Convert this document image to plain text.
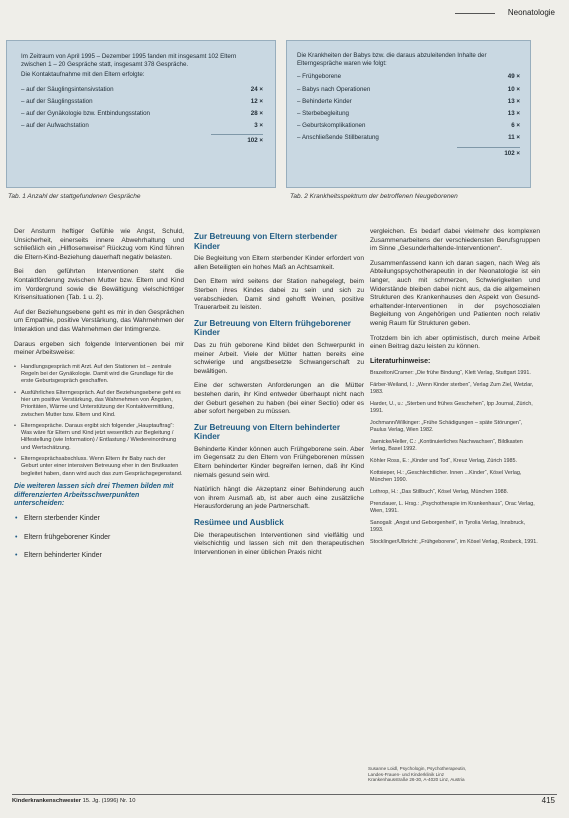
Neonatologie
Im Zeitraum von April 1995 – Dezember 1995 fanden mit insgesamt 102 Eltern zwischen 1 – 20 Gespräche statt, insgesamt 378 Gespräche.
Die Kontaktaufnahme mit den Eltern erfolgte:
– auf der Säuglingsintensivstation	24 ×
– auf der Säuglingsstation	12 ×
– auf der Gynäkologie bzw. Entbindungsstation	28 ×
– auf der Aufwachstation	3 ×
102 ×
Die Krankheiten der Babys bzw. die daraus abzuleitenden Inhalte der Elterngespräche waren wie folgt:
– Frühgeborene	49 ×
– Babys nach Operationen	10 ×
– Behinderte Kinder	13 ×
– Sterbebegleitung	13 ×
– Geburtskomplikationen	6 ×
– Anschließende Stillberatung	11 ×
102 ×
Tab. 1 Anzahl der stattgefundenen Gespräche	Tab. 2 Krankheitsspektrum der betroffenen Neugeborenen

Der Ansturm heftiger Gefühle wie Angst, Schuld, Unsicherheit, einerseits innere Abwehrhaltung und schließlich ein „Hilflosenweise“ Rückzug vom Kind führen die Eltern-Kind-Beziehung dauerhaft negativ belasten.

Bei den geführten Interventionen steht die Kontaktförderung zwischen Mutter bzw. Eltern und Kind im Vordergrund sowie die Bewältigung vielschichtiger Krisensituationen (Tab. 1 u. 2).

Auf der Beziehungsebene geht es mir in den Gesprächen um Empathie, positive Verstärkung, das Wahrnehmen der Interaktion und das Wahrnehmen der Intimgrenze.

Daraus ergeben sich folgende Interventionen bei mir meiner Arbeitsweise:

• Handlungsgespräch mit Arzt. Auf den Stationen ist – zentrale Regeln bei der Gynäkologie. Damit wird die Grundlage für die erste Geburtsgespräch geschaffen.
• Ausführliches Elterngespräch. Auf der Beziehungsebene geht es hier um positive Verstärkung, das Wahrnehmen von Ängsten, Prioritäten, Wärme und Unterstützung der Kontaktvermittlung, zwischen Mutter bzw. Eltern und Kind.
• Elterngespräche. Daraus ergibt sich folgender „Hauptauftrag“: Was wäre für Eltern und Kind jetzt wesentlich zur Begleitung / Hilfestellung (wie Information) / Entlastung / Wiedereinordnung und Wertschätzung.
• Elterngesprächsabschluss. Wenn Eltern ihr Baby nach der Geburt unter einer intensiven Betreuung eher in den Brutkasten begleitet haben, dann wird auch das zum Gesprächsgegenstand.
Die weiteren lassen sich drei Themen bilden mit differenzierten Arbeitsschwerpunkten unterscheiden:
• Eltern sterbender Kinder
• Eltern frühgeborener Kinder
• Eltern behinderter Kinder
Zur Betreuung von Eltern sterbender Kinder

Die Begleitung von Eltern sterbender Kinder erfordert von allen Beteiligten ein hohes Maß an Achtsamkeit.

Den Eltern wird seitens der Station nahegelegt, beim Sterben ihres Kindes dabei zu sein und sich zu verabschieden. Damit sind gehofft Weinen, positive Trauerarbeit zu leisten.

Zur Betreuung von Eltern frühgeborener Kinder

Das zu früh geborene Kind bildet den Schwerpunkt in meiner Arbeit. Viele der Mütter hatten bereits eine schwierige und angstbesetzte Schwangerschaft zu bewältigen.

Eine der schwersten Anforderungen an die Mütter bestehen darin, ihr Kind entweder überhaupt nicht nach der Geburt gesehen zu haben (bei einer Sectio) oder es aber sofort hergeben zu müssen.

Zur Betreuung von Eltern behinderter Kinder

Behinderte Kinder können auch Frühgeborene sein. Aber im Gegensatz zu den Eltern von Frühgeborenen müssen Eltern behinderter Kinder begreifen lernen, daß ihr Kind niemals gesund sein wird.

Natürlich hängt die Akzeptanz einer Behinderung auch von ihrem Ausmaß ab, ist aber auch eine zusätzliche Herausforderung an jede Partnerschaft.

Resümee und Ausblick

Die therapeutischen Interventionen sind vielfältig und vielschichtig und lassen sich mit den therapeutischen Interventionen in einer üblichen Praxis nicht

vergleichen. Es bedarf dabei vielmehr des komplexen Zusammenarbeitens der verschiedensten Berufsgruppen im Sinne „Gesunderhaltende-Interventionen“.

Zusammenfassend kann ich daran sagen, nach Weg als Abteilungspsychotherapeutin in der Neonatologie ist ein langer, auch mit schmerzen, Schwierigkeiten und Widerstände bleiben dabei nicht aus, da die allgemeinen Strukturen des Krankenhauses den Aspekt von Gesund-erhaltender-Interventionen in der psychosozialen Begleitung von Angehörigen und Patienten noch relativ wenig Raum für Strukturen geben.

Trotzdem bin ich aber optimistisch, durch meine Arbeit einen Beitrag dazu leisten zu können.

Literaturhinweise:
Brazelton/Cramer: „Die frühe Bindung“, Klett Verlag, Stuttgart 1991.
Färber-Weiland, I.: „Wenn Kinder sterben“, Verlag Zum Ziel, Wetzlar, 1983.
Harder, U., u.: „Sterben und frühes Geschehen“, Ipp Journal, Zürich, 1991.
Jochmann/Wilkinger: „Frühe Schädigungen – späte Störungen“, Paulus Verlag, Wien 1982.
Jaenicke/Heller, C.: „Kontinuierliches Nachwachsen“, Bildkasten Verlag, Basel 1992.
Köhler Ross, E.: „Kinder und Tod“, Kreuz Verlag, Zürich 1985.
Kottsieper, H.: „Geschlechtlicher. Innen ...Kinder“, Kösel Verlag, München 1990.
Lothrop, H.: „Das Stillbuch“, Kösel Verlag, München 1988.
Prenzlauer, L. Hrsg.: „Psychotherapie im Krankenhaus“, Orac Verlag, Wien, 1991.
Sanogali: „Angst und Geborgenheit“, in Tyrolia Verlag, Innsbruck, 1993.
Stocklinger/Ulbricht: „Frühgeborene“, im Kösel Verlag, Rosbeck, 1991.
Susanne Loidl, Psychologin, Psychotherapeutin, Landes-Frauen- und Kinderklinik Linz Krankenhausstraße 26-30, A-4020 Linz, Austria
Kinderkrankenschwester 15. Jg. (1996) Nr. 10	415
